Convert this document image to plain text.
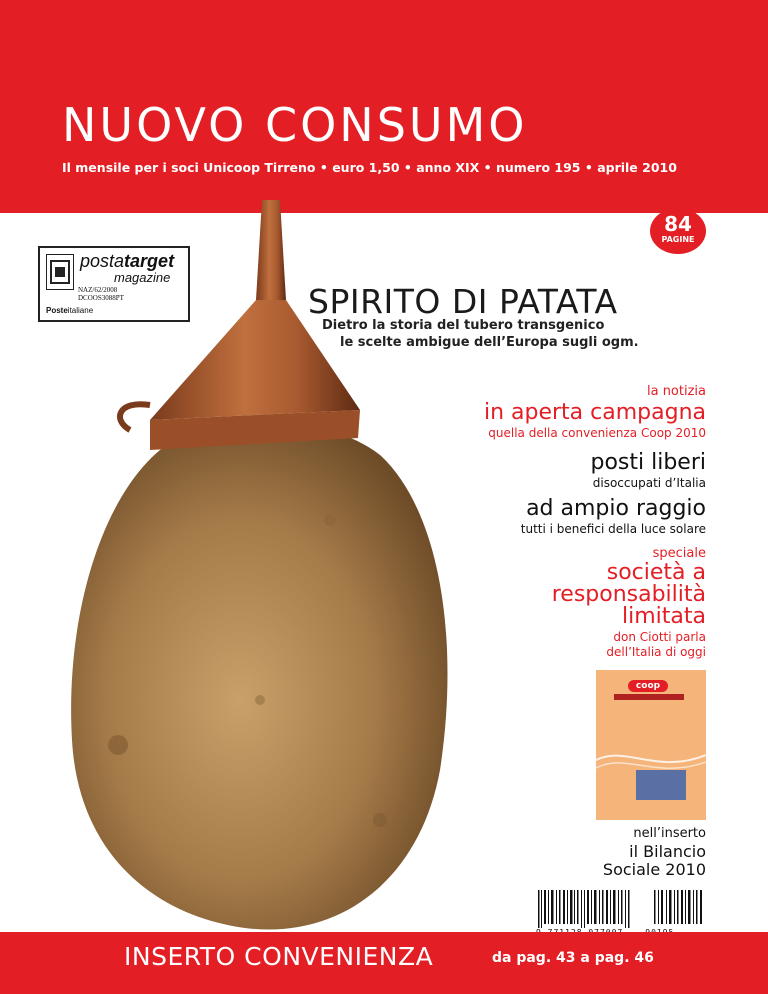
NUOVO CONSUMO
Il mensile per i soci Unicoop Tirreno • euro 1,50 • anno XIX • numero 195 • aprile 2010
84
PAGINE
postatarget
magazine
NAZ/62/2008
DCOOS3088PT
Posteitaliane	SPIRITO DI PATATA
Dietro la storia del tubero transgenico
le scelte ambigue dell’Europa sugli ogm.
la notizia
in aperta campagna
quella della convenienza Coop 2010
posti liberi
disoccupati d’Italia
ad ampio raggio
tutti i benefici della luce solare
speciale
società a
responsabilità
limitata
don Ciotti parla
dell’Italia di oggi
coop
nell’inserto
il Bilancio
Sociale 2010
INSERTO CONVENIENZA	da pag. 43 a pag. 46
